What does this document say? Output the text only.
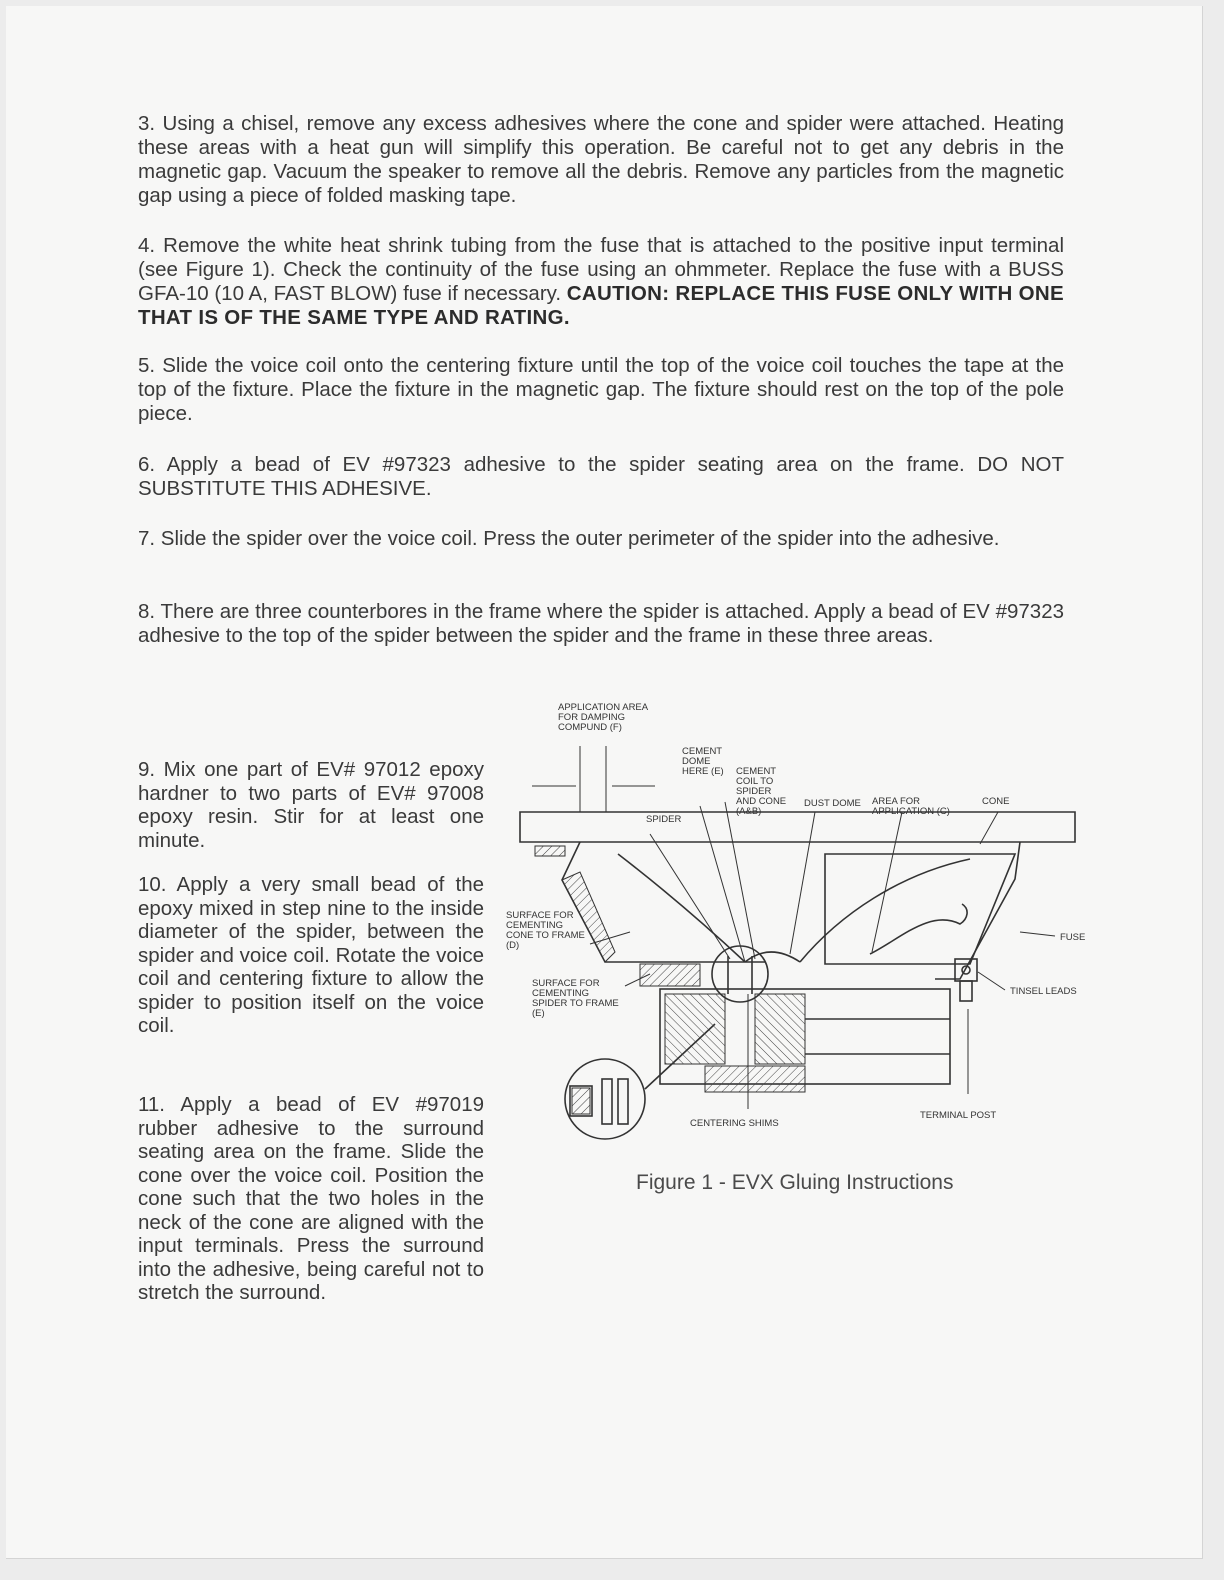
3. Using a chisel, remove any excess adhesives where the cone and spider were attached. Heating these areas with a heat gun will simplify this operation. Be careful not to get any debris in the magnetic gap. Vacuum the speaker to remove all the debris. Remove any particles from the magnetic gap using a piece of folded masking tape.

4. Remove the white heat shrink tubing from the fuse that is attached to the positive input terminal (see Figure 1). Check the continuity of the fuse using an ohmmeter. Replace the fuse with a BUSS GFA-10 (10 A, FAST BLOW) fuse if necessary. CAUTION: REPLACE THIS FUSE ONLY WITH ONE THAT IS OF THE SAME TYPE AND RATING.

5. Slide the voice coil onto the centering fixture until the top of the voice coil touches the tape at the top of the fixture. Place the fixture in the magnetic gap. The fixture should rest on the top of the pole piece.

6. Apply a bead of EV #97323 adhesive to the spider seating area on the frame. DO NOT SUBSTITUTE THIS ADHESIVE.

7. Slide the spider over the voice coil. Press the outer perimeter of the spider into the adhesive.

8. There are three counterbores in the frame where the spider is attached. Apply a bead of EV #97323 adhesive to the top of the spider between the spider and the frame in these three areas.

9. Mix one part of EV# 97012 epoxy hardner to two parts of EV# 97008 epoxy resin. Stir for at least one minute.

10. Apply a very small bead of the epoxy mixed in step nine to the inside diameter of the spider, between the spider and voice coil. Rotate the voice coil and centering fixture to allow the spider to position itself on the voice coil.

11. Apply a bead of EV #97019 rubber adhesive to the surround seating area on the frame. Slide the cone over the voice coil. Position the cone such that the two holes in the neck of the cone are aligned with the input terminals. Press the surround into the adhesive, being careful not to stretch the surround.

APPLICATION AREA
FOR DAMPING
COMPUND (F)
CEMENT
DOME
HERE (E) CEMENT
COIL TO
SPIDER
AND CONE
(A&B)
SPIDER
DUST DOME AREA FOR
APPLICATION (C)
CONE
SURFACE FOR
CEMENTING
CONE TO FRAME
(D)
SURFACE FOR
CEMENTING
SPIDER TO FRAME
(E)
FUSE
TINSEL LEADS
CENTERING SHIMS
TERMINAL POST

Figure 1 - EVX Gluing Instructions
